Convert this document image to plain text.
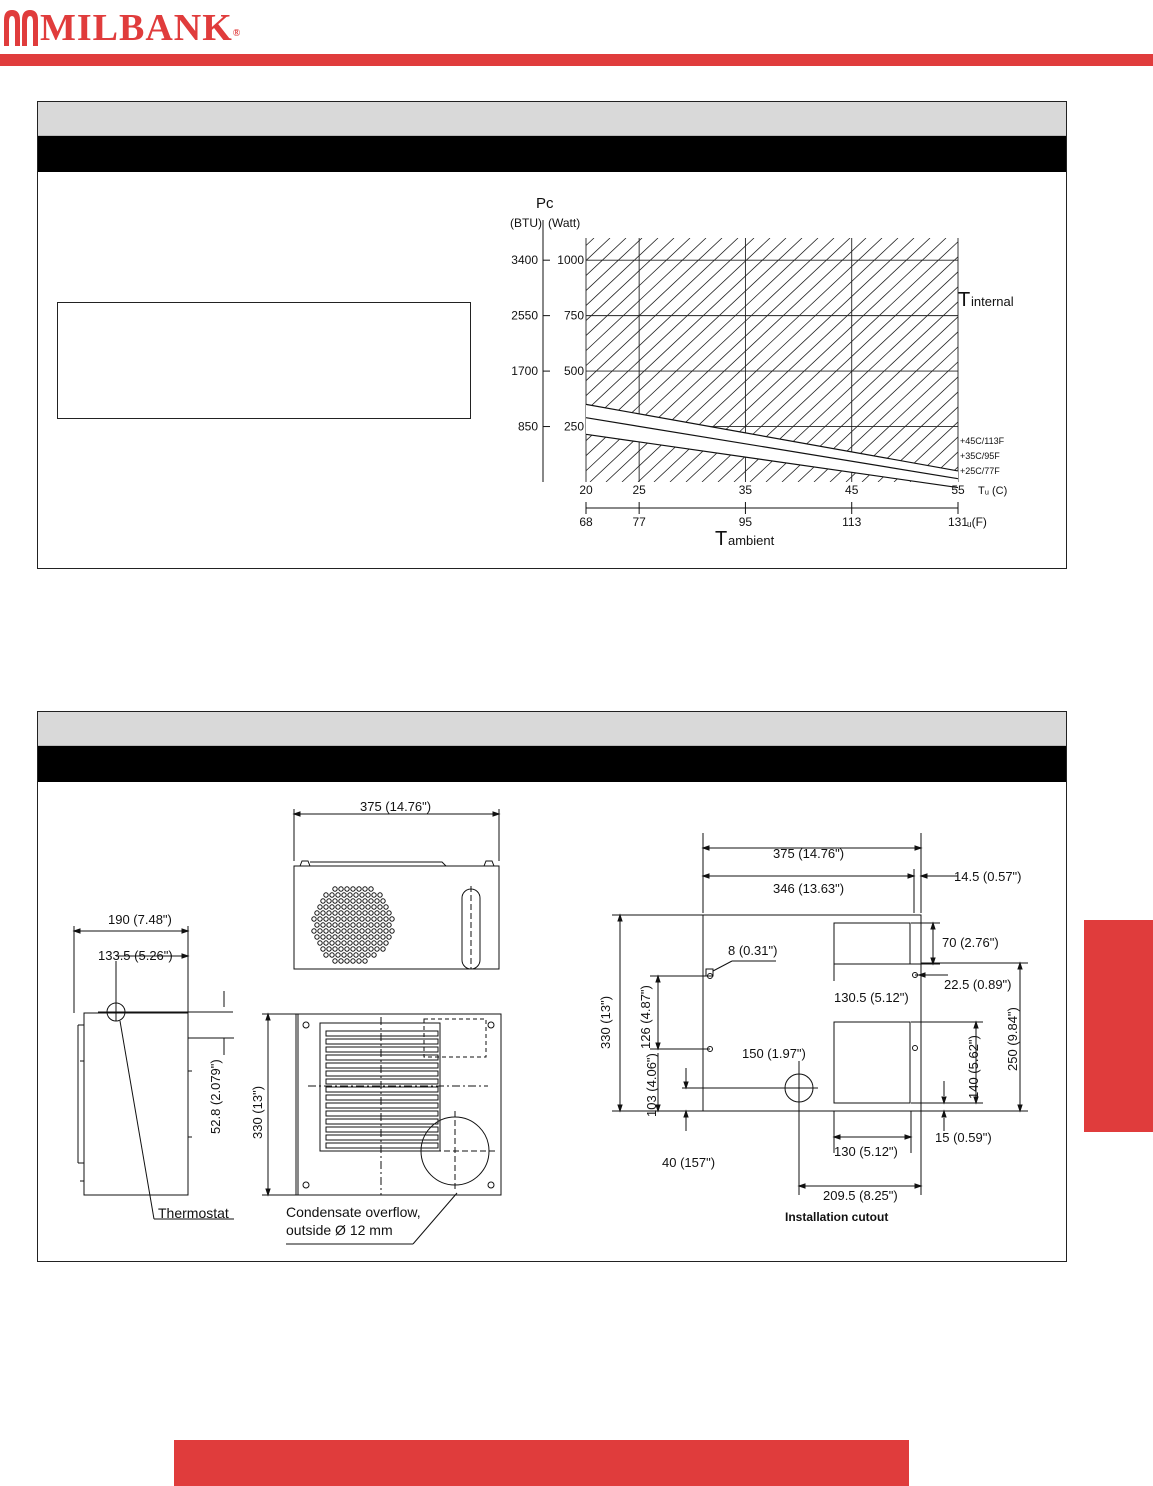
MILBANK®
Pc
(BTU) (Watt)
850 250
1700 500
2550 750
3400 1000
20
68
25
77
35
95
45
113
55
131
Tᵤ (C)
ᵤ(F)
T ambient
T internal
+45C/113F
+35C/95F
+25C/77F
190 (7.48")
133.5 (5.26")
52.8 (2.079")
Thermostat
375 (14.76")
330 (13")
Condensate overflow,
outside Ø 12 mm
375 (14.76")
346 (13.63")
14.5 (0.57")
70 (2.76")
8 (0.31")
130.5 (5.12")
22.5 (0.89")
330 (13") 126 (4.87")
150 (1.97")	140 (5.62") 250 (9.84")
103 (4.06")
130 (5.12")
15 (0.59")
40 (157")
209.5 (8.25")
Installation cutout
